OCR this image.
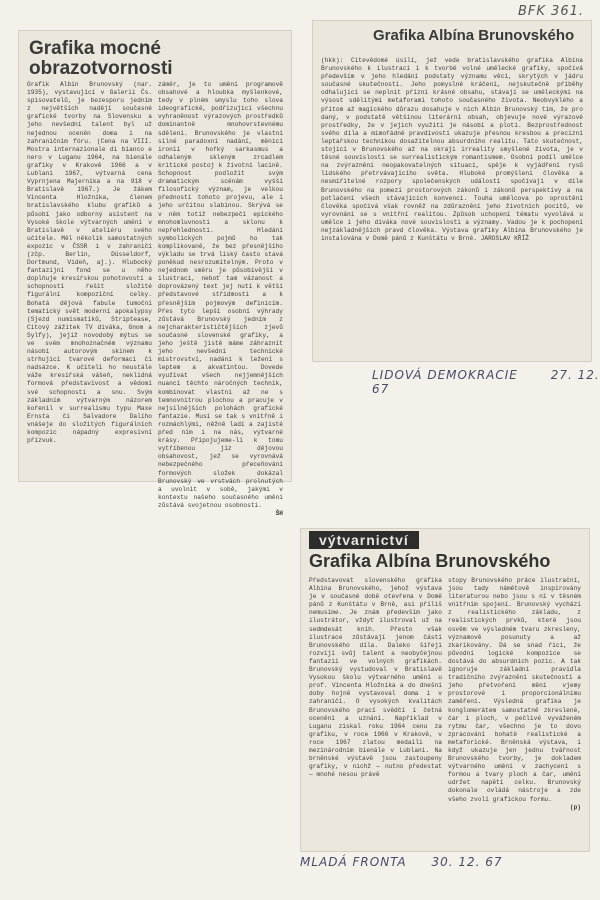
BFK 361.
Grafika mocné obrazotvornosti
Grafik Albín Brunovský (nar. 1935), vystavující v Galerii Čs. spisovatelů, je bezesporu jedním z největších nadějí současné grafické tvorby na Slovensku a jeho nevšední talent byl už nejednou oceněn doma i na zahraničním fóru. (Cena na VIII. Mostra internazionale di bianco e nero v Luganu 1964, na bienále grafiky v Krakově 1966 a v Lublani 1967, výtvarná cena Vyprnjena Majernika a na 918 v Bratislavě 1967.) Je žákem Vincenta Hložníka, členem bratislavského klubu grafiků a působí jako odborný asistent na Vysoké škole výtvarných umění v Bratislavě v ateliéru svého učitele. Měl několik samostatných expozic v ČSSR i v zahraničí (zčp. Berlín, Düsseldorf, Dortmund, Vídeň, aj.). Hlubocký fantazijní fond se u něho doplňuje kresířskou pohotovostí a schopností řešit složité figurální kompoziční celky. Bohatá dějová fabule tumoční tematický svět moderní apokalypsy (Sjezd numismatiků, Striptease, Citový zážitek TV diváka, Gnom a Sylfy), jejíž novodobý mýtus se ve svém mnohoznačném významu násobí autorovým skinem k strhující tvarové deformaci či nadsázce. K učiteli ho neustále váže kresířská vášeň, neklidná formová představivost a vědomí své schopnosti a snu. Svým základním výtvarným názorem kořenil v surrealismu typu Maxe Ernsta či Salvadore Dalího vnášeje do složitých figurálních kompozic nápadný expresivní přízvuk.
záměr, je to umění programově obsahové a hloubka myšlenkové, tedy v plném smyslu toho slova ideografické, podřizující všechnu vyhraněnost výrazových prostředků dominantně mnohovrstevnému sdělení. Brunovského je vlastní silné paradoxní nadání, měnící ironií v hořký sarkasmus a odhaleným skleným zrcadlem kritické postoj k životní lacině. Schopnost podložit svým dramatickým scénám vyšší filosofický význam, je velkou předností tohoto projevu, ale i jeho určitou slabinou. Skrývá se v něm totiž nebezpečí epického mnohomluvnosti a sklonu k nepřehlednosti. Hledání symbolických pojmů ho tak komplikovaně, že bez přesnějšího výkladu se trvá liský často stavá poněkud nesrozumitelným. Proto v nejednom směru je působivější v ilustraci, neboť tam vázanost a doprovázený text jej nutí k větší představové střídmosti a k přesnějším pojmovým definicím. Přes tyto lepší osobní výhrady zůstává Brunovský jedním z nejcharakterističtějších zjevů současné slovenské grafiky, a jeho ještě jistě máme záhraznit jeho nevšední technické mistrovství, nadání k ležení s leptem a akvatintou. Dovede využívat všech nejjemnějších nuancí těchto náročných technik, kombinovat vlastní až ne s temnovnitrou plochou a pracuje v nejsilnějších polohách grafické fantazie. Musí se tak s vnitřně i rozmáchlými, něžně ladí a zajisté před ním i na nás, výtvarné krásy. Připojujeme-li k tomu vytříbenou jiz dějovou obsahovost, jež se vyrovnává nebezpečného přeceňování formových složek dokázal Brunovský ve vrstvách prolnutých a uvolnit v sobě, jakými v kontextu našeho současného umění zůstává svojetnou osobnosti.
ŠH
Grafika Albína Brunovského
(hkk): Citevědomé úsilí, jež vede bratislavského grafika Albína Brunovského k ilustraci i k tvorbě volné umělecké grafiky, spočívá především v jeho hledání podstaty významu věcí, skrytých v jádru současné skutečnosti. Jeho pomyslné kráčení, nejskutečně příběhy odhalující se neplnit přízní krásné obsahu, stávají se uměleckými na výsost sdělitými metaforami tohoto současného života. Neobvyklého a přitom až magického důrazu dosahuje v nich Albín Brunovský tím, že pro daný, v podstatě většinou literární obsah, objevuje nové výrazové prostředky, že v jejich využití je násobí a plotí. Bezprostřednost svého díla a mimořádně pravdivostí ukazuje přesnou kresbou a precizní leptařskou technikou dosažitelnou absurdního realitu. Tato skutečnost, stojící v Brunovského až na okraji irreality smyšlené života, je v těsné souvislosti se surrealistickým romantismem. Osobní podíl umělce na zvýraznění neopakovatelných situací, spěje k vyjádření rysů lidského přetrvávajícího světa. Hluboké promýšlení člověka a nesmířitelné rozpory společenských událostí spočívají v díle Brunovského na pomezí prostorových zákonů i zákonů perspektivy a na potlačení všech stávajících konvencí. Touha umělcova po oprostění člověka spočívá však rovněž na zdůraznění jeho životních pocitů, ve vyrovnání se s vnitřní realitou. Způsob uchopení tématu vyvolává u umělce i jeho diváka nové souvislosti a významy. Vadou je k pochopení nejzákladnějších pravd člověka. Výstava grafiky Albína Brunovského je instalována v Domě pánů z Kunštátu v Brně. JAROSLAV KŘÍŽ
LIDOVÁ DEMOKRACIE	27. 12. 67
výtvarnictví
Grafika Albína Brunovského
Představovat slovenského grafika Albína Brunovského, jehož výstava je v současné době otevřena v Domě pánů z Kunštátu v Brně, asi příliš nemusíme. Je znám především jako ilustrátor, vždyť ilustroval už na sedmdesát knih. Přesto však ilustrace zůstávají jenom částí Brunovského díla. Daleko šířeji rozvíjí svůj talent a neobyčejnou fantazii ve volných grafikách. Brunovský vystudoval v Bratislavě Vysokou školu výtvarného umění u prof. Vincenta Hložníka a do dnešní doby hojně vystavoval doma i v zahraničí. O vysokých kvalitách Brunovského prací svědčí i četná ocenění a uznání. Například v Luganu získal roku 1964 cenu za grafiku, v roce 1966 v Krakově, v roce 1967 zlatou medaili na mezinárodním bienále v Lublani. Na brněnské výstavě jsou zastoupeny grafiky, v nichž — nutno předestat — mnohé nesou právě
stopy Brunovského práce ilustrační, jsou tady námětově inspirovány literaturou nebo jsou s ní v těsném vnitřním spojení. Brunovský vychází z realistického základu, z realistických prvků, které jsou osvěm ve výsledném tvaru zkresleny, významově posunuty a až zkarikovány. Dá se snad říci, že původní logické kompozice se dostává do absurdních pozic. A tak ignoruje základní pravidla tradičního zvýraznění skutečnosti a jeho přetvoření mění vjemy prostorové i proporcionálnímu zaměření. Výsledná grafika je konglomerátem samostatně zkreslené, čar i ploch, v pečlivé vyváženém rytmu čar, všechno je to dovo zpracování bohatě realistické a metaforické. Brněnská výstava, i když ukazuje jen jednu tvářnost Brunovského tvorby, je dokladem výtvarného umění v zachycení s formou a tvary ploch a čar, umění udržet napětí celku. Brunovský dokonale ovládá nástroje a zde všeho zvolí grafickou formu.
(p)
MLADÁ FRONTA 30. 12. 67
